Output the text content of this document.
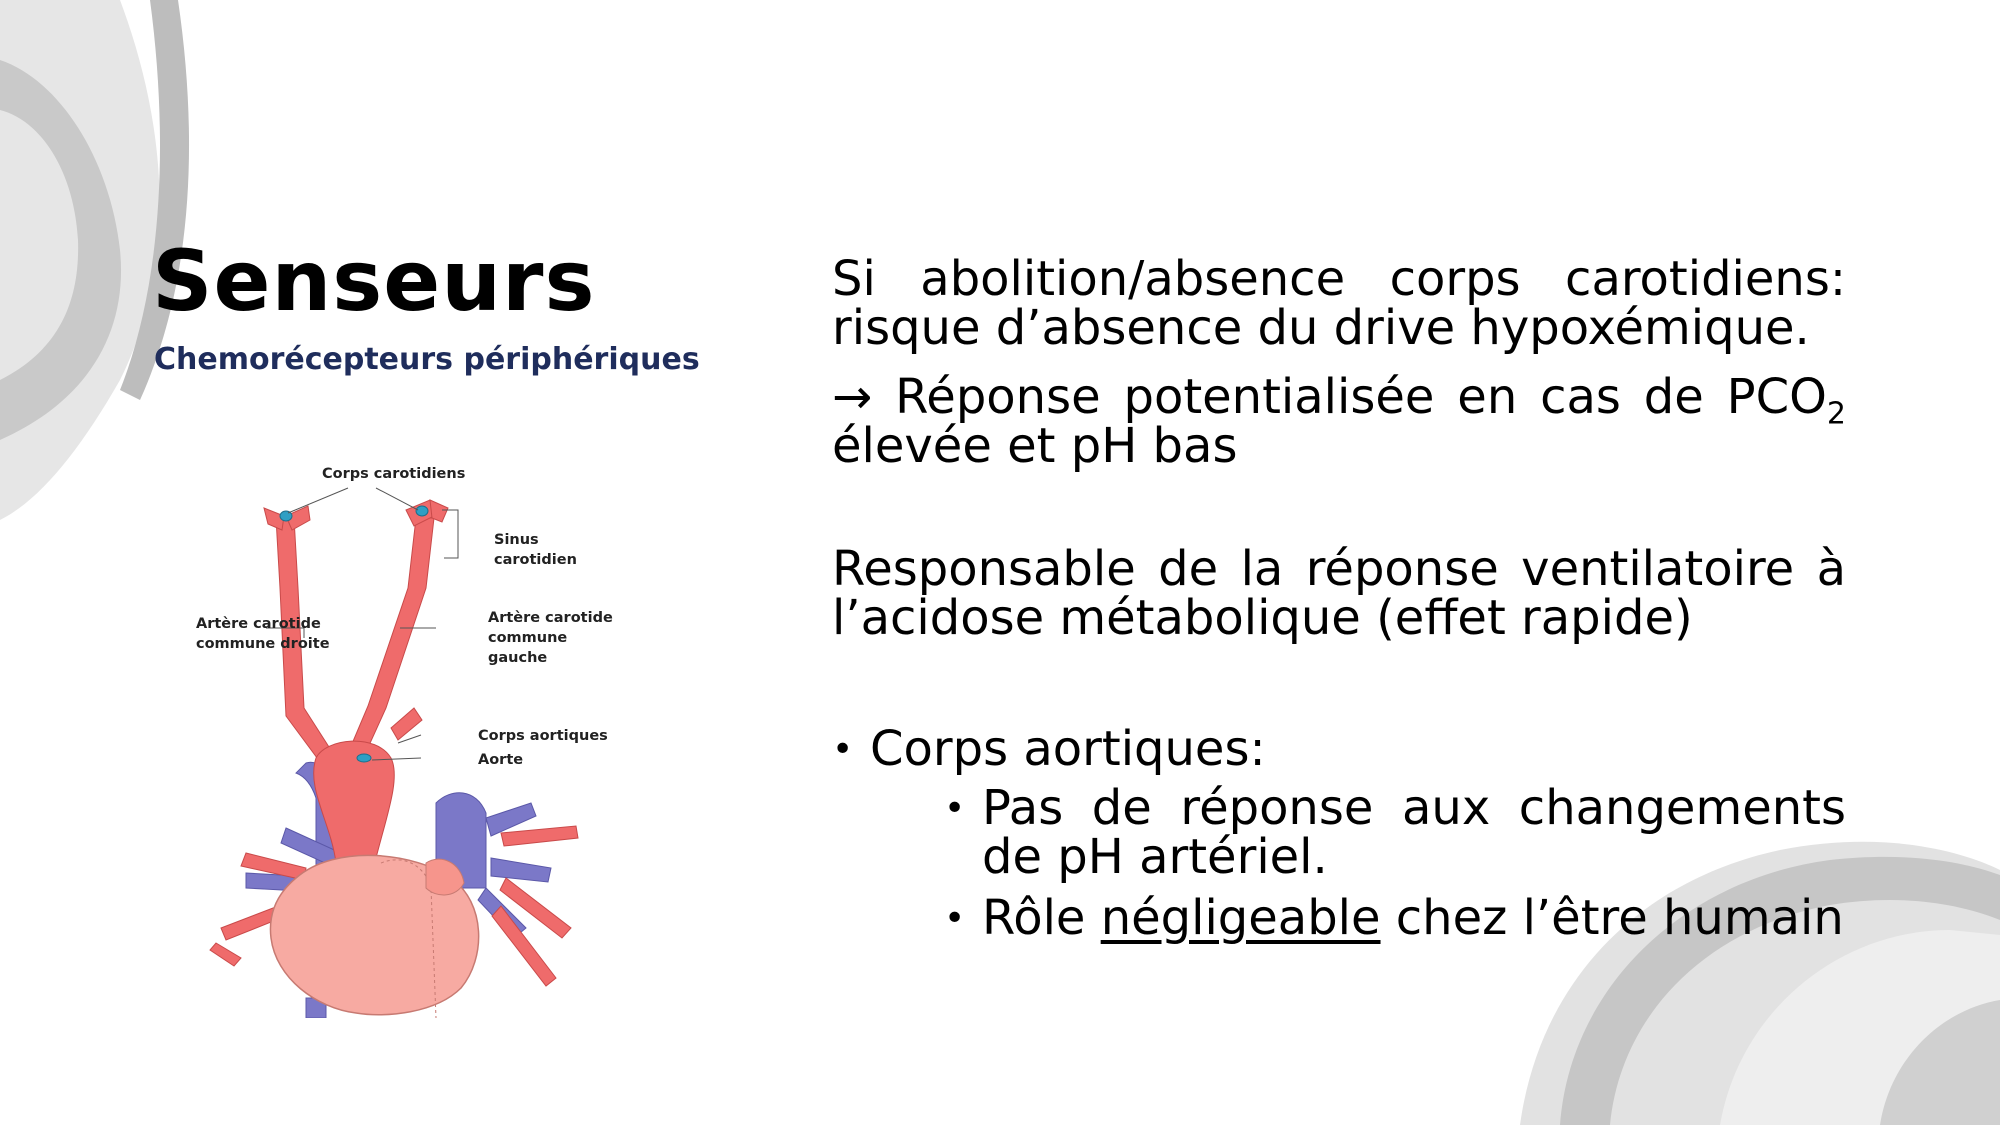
Senseurs
Chemorécepteurs périphériques
Corps carotidiens
Sinus
carotidien
Artère carotide
commune droite
Artère carotide
commune
gauche
Corps aortiques
Aorte

Si abolition/absence corps carotidiens: risque d’absence du drive hypoxémique.

→ Réponse potentialisée en cas de $PCO_2$ élevée et pH bas

Responsable de la réponse ventilatoire à l’acidose métabolique (effet rapide)

• Corps aortiques:
• Pas de réponse aux changements de pH artériel.
• Rôle négligeable chez l’être humain
